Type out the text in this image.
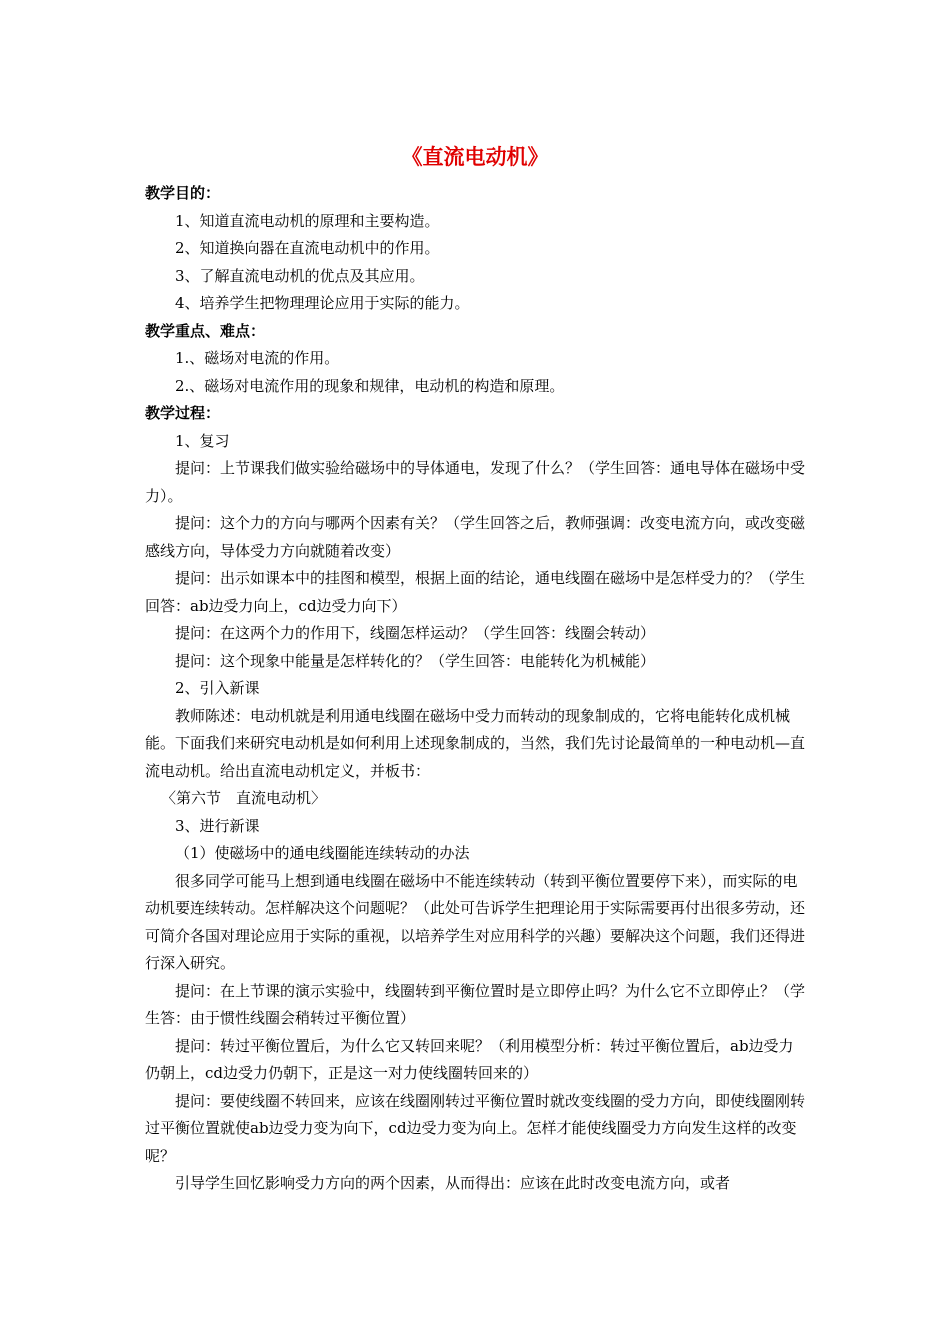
《直流电动机》
教学目的：

1、知道直流电动机的原理和主要构造。

2、知道换向器在直流电动机中的作用。

3、了解直流电动机的优点及其应用。

4、培养学生把物理理论应用于实际的能力。

教学重点、难点：

1.、磁场对电流的作用。

2.、磁场对电流作用的现象和规律，电动机的构造和原理。

教学过程：

1、复习

提问：上节课我们做实验给磁场中的导体通电，发现了什么？（学生回答：通电导体在磁场中受力）。

提问：这个力的方向与哪两个因素有关？（学生回答之后，教师强调：改变电流方向，或改变磁感线方向，导体受力方向就随着改变）

提问：出示如课本中的挂图和模型，根据上面的结论，通电线圈在磁场中是怎样受力的？（学生回答：ab边受力向上，cd边受力向下）

提问：在这两个力的作用下，线圈怎样运动？（学生回答：线圈会转动）

提问：这个现象中能量是怎样转化的？（学生回答：电能转化为机械能）

2、引入新课

教师陈述：电动机就是利用通电线圈在磁场中受力而转动的现象制成的，它将电能转化成机械能。下面我们来研究电动机是如何利用上述现象制成的，当然，我们先讨论最简单的一种电动机—直流电动机。给出直流电动机定义，并板书：

〈第六节　直流电动机〉

3、进行新课

（1）使磁场中的通电线圈能连续转动的办法

很多同学可能马上想到通电线圈在磁场中不能连续转动（转到平衡位置要停下来），而实际的电动机要连续转动。怎样解决这个问题呢？（此处可告诉学生把理论用于实际需要再付出很多劳动，还可简介各国对理论应用于实际的重视，以培养学生对应用科学的兴趣）要解决这个问题，我们还得进行深入研究。

提问：在上节课的演示实验中，线圈转到平衡位置时是立即停止吗？为什么它不立即停止？（学生答：由于惯性线圈会稍转过平衡位置）

提问：转过平衡位置后，为什么它又转回来呢？（利用模型分析：转过平衡位置后，ab边受力仍朝上，cd边受力仍朝下，正是这一对力使线圈转回来的）

提问：要使线圈不转回来，应该在线圈刚转过平衡位置时就改变线圈的受力方向，即使线圈刚转过平衡位置就使ab边受力变为向下，cd边受力变为向上。怎样才能使线圈受力方向发生这样的改变呢？

引导学生回忆影响受力方向的两个因素，从而得出：应该在此时改变电流方向，或者
